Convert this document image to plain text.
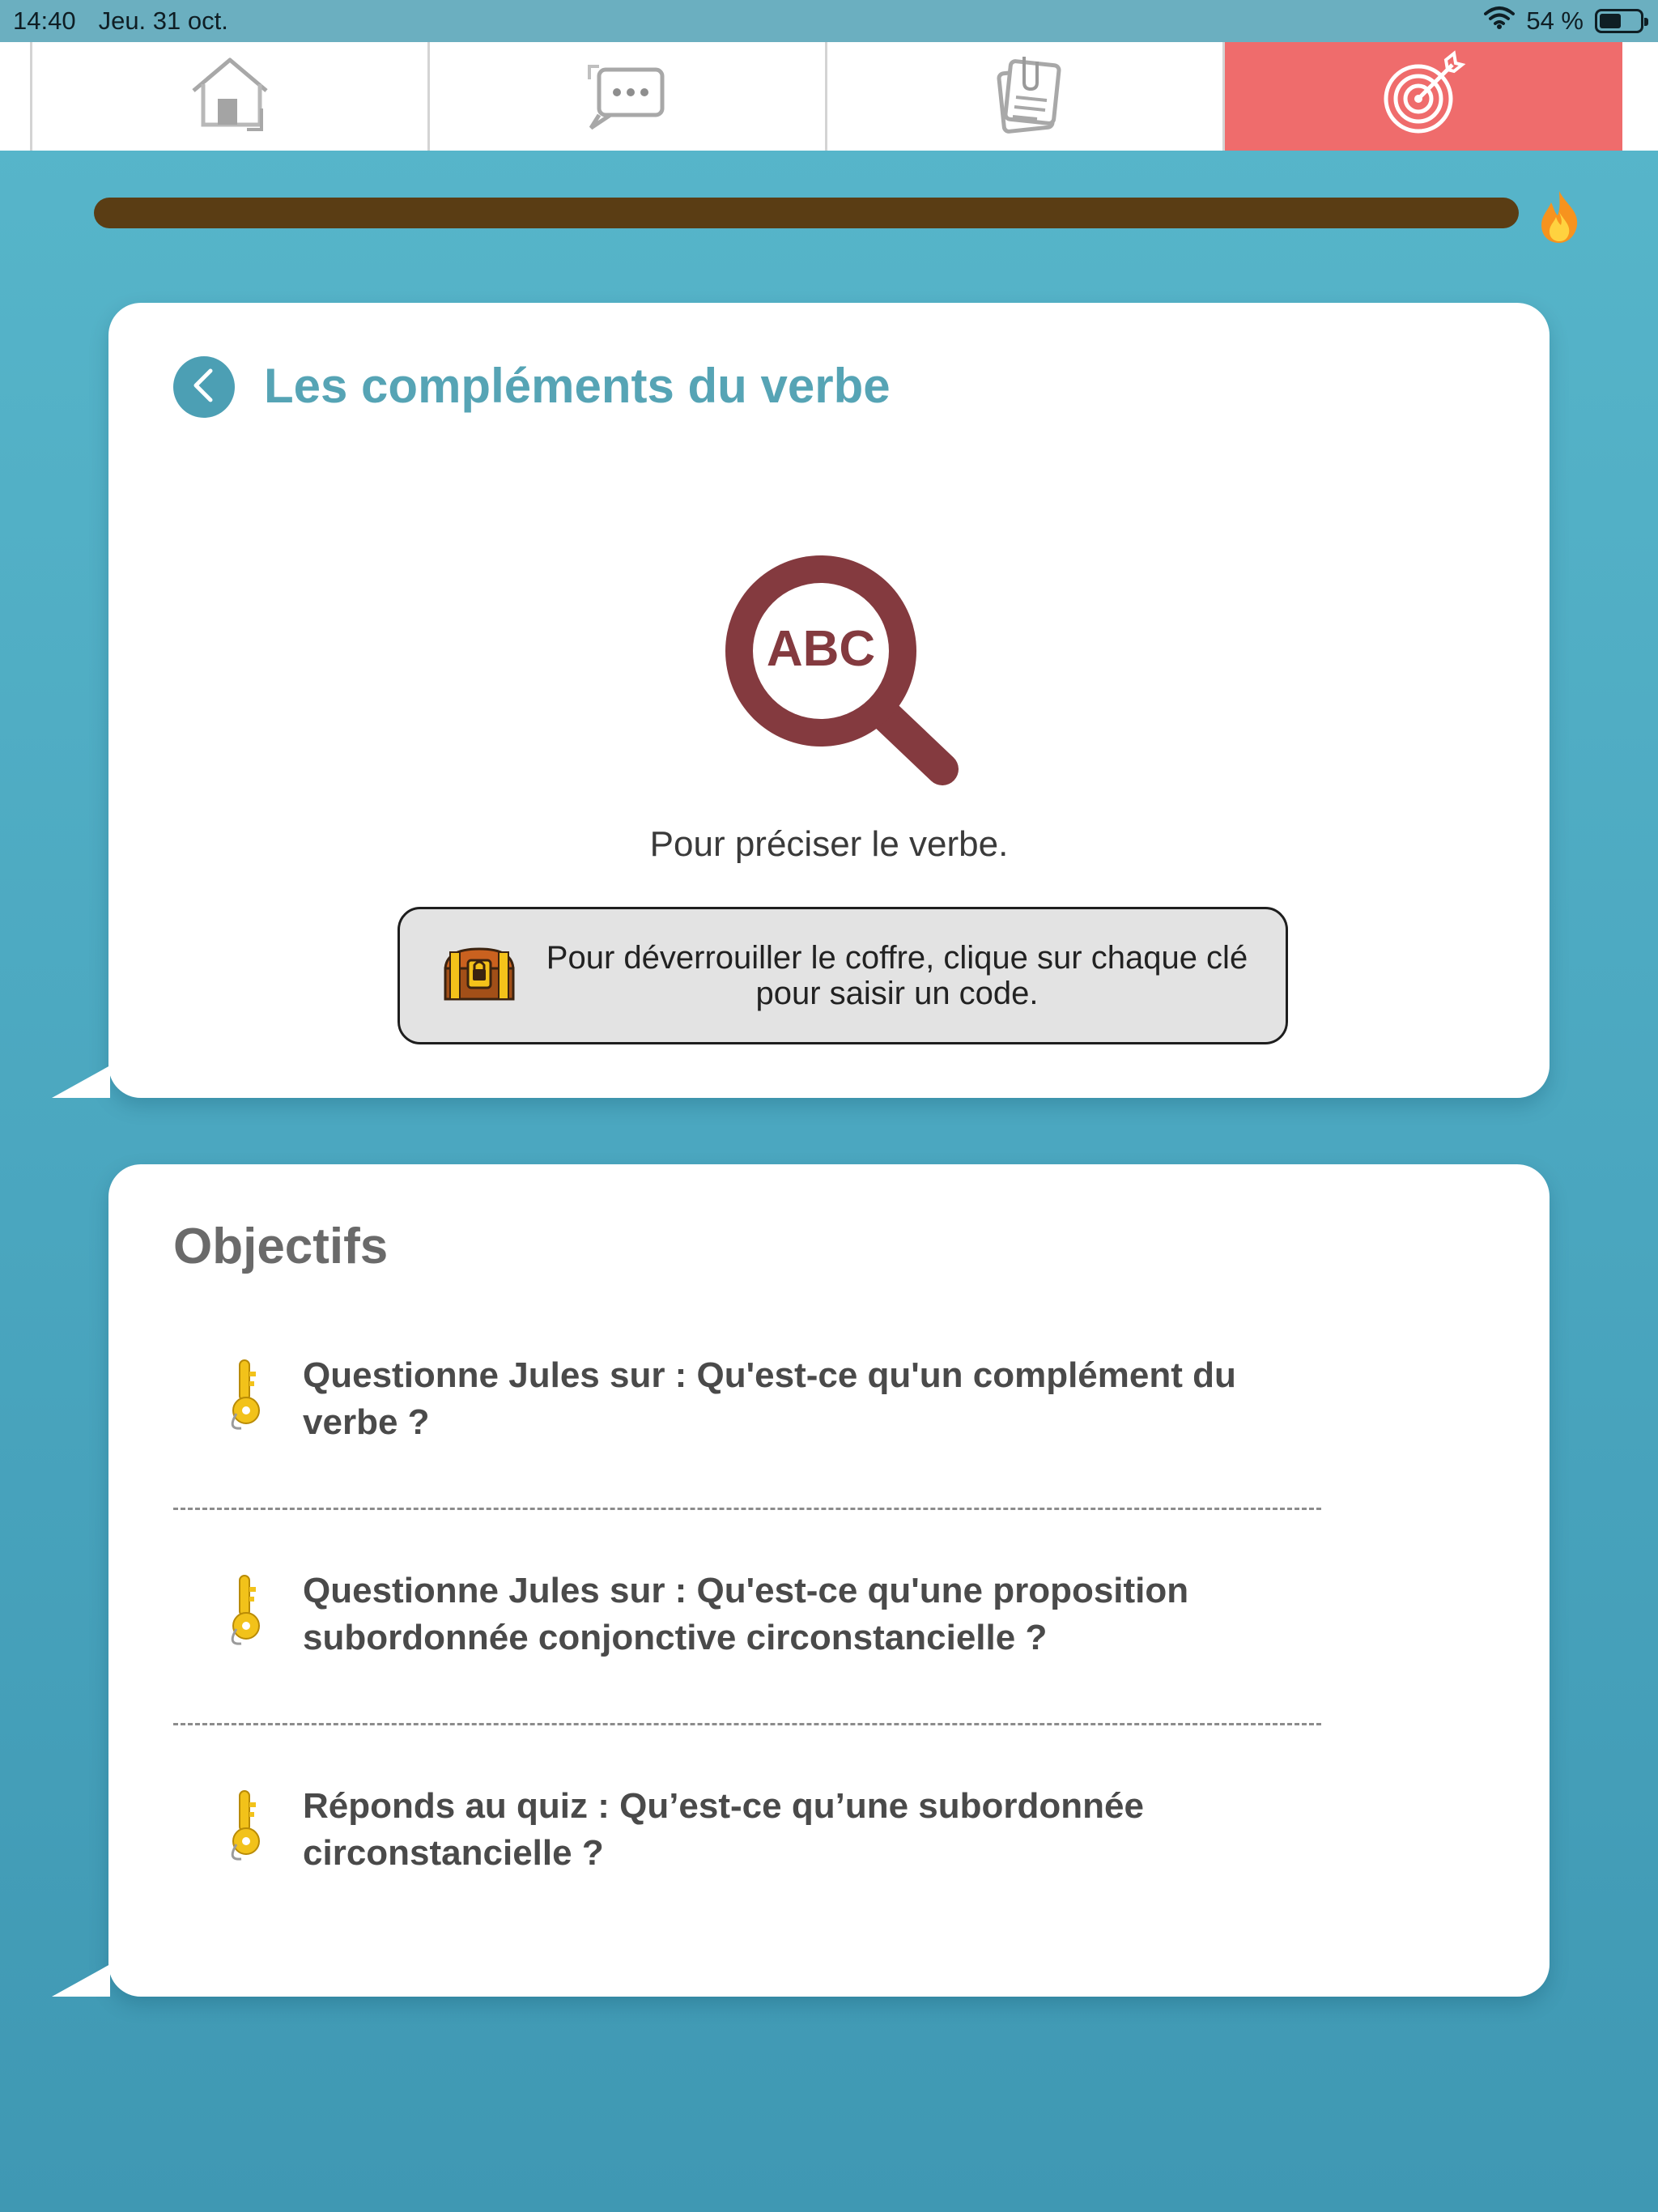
14:40 Jeu. 31 oct.	54 %
Les compléments du verbe
ABC
Pour préciser le verbe.
Pour déverrouiller le coffre, clique sur chaque clé pour saisir un code.
Objectifs
Questionne Jules sur : Qu'est-ce qu'un complément du verbe ?
Questionne Jules sur : Qu'est-ce qu'une proposition subordonnée conjonctive circonstancielle ?
Réponds au quiz : Qu’est-ce qu’une subordonnée circonstancielle ?
